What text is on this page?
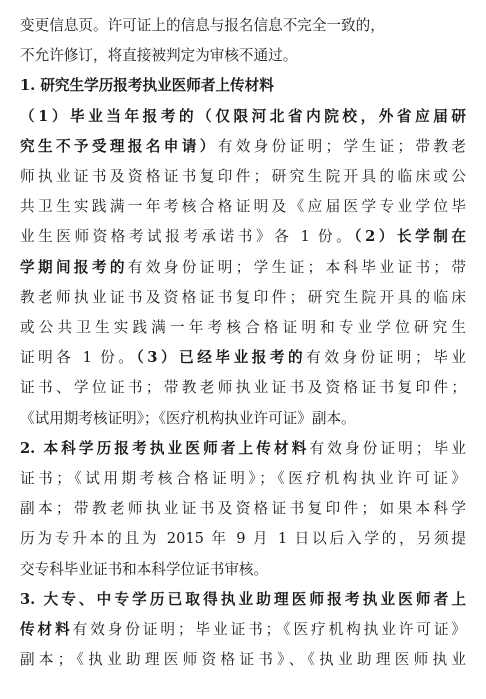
变更信息页。许可证上的信息与报名信息不完全一致的，
不允许修订，将直接被判定为审核不通过。
1. 研究生学历报考执业医师者上传材料
（1）毕业当年报考的（仅限河北省内院校，外省应届研
究生不予受理报名申请）有效身份证明；学生证；带教老
师执业证书及资格证书复印件；研究生院开具的临床或公
共卫生实践满一年考核合格证明及《应届医学专业学位毕
业生医师资格考试报考承诺书》各 1 份。（2）长学制在
学期间报考的有效身份证明；学生证；本科毕业证书；带
教老师执业证书及资格证书复印件；研究生院开具的临床
或公共卫生实践满一年考核合格证明和专业学位研究生
证明各 1 份。（3）已经毕业报考的有效身份证明；毕业
证书、学位证书；带教老师执业证书及资格证书复印件；
《试用期考核证明》；《医疗机构执业许可证》副本。
2. 本科学历报考执业医师者上传材料有效身份证明；毕业
证书；《试用期考核合格证明》；《医疗机构执业许可证》
副本；带教老师执业证书及资格证书复印件；如果本科学
历为专升本的且为 2015 年 9 月 1 日以后入学的，另须提
交专科毕业证书和本科学位证书审核。
3. 大专、中专学历已取得执业助理医师报考执业医师者上
传材料有效身份证明；毕业证书；《医疗机构执业许可证》
副本；《执业助理医师资格证书》、《执业助理医师执业
